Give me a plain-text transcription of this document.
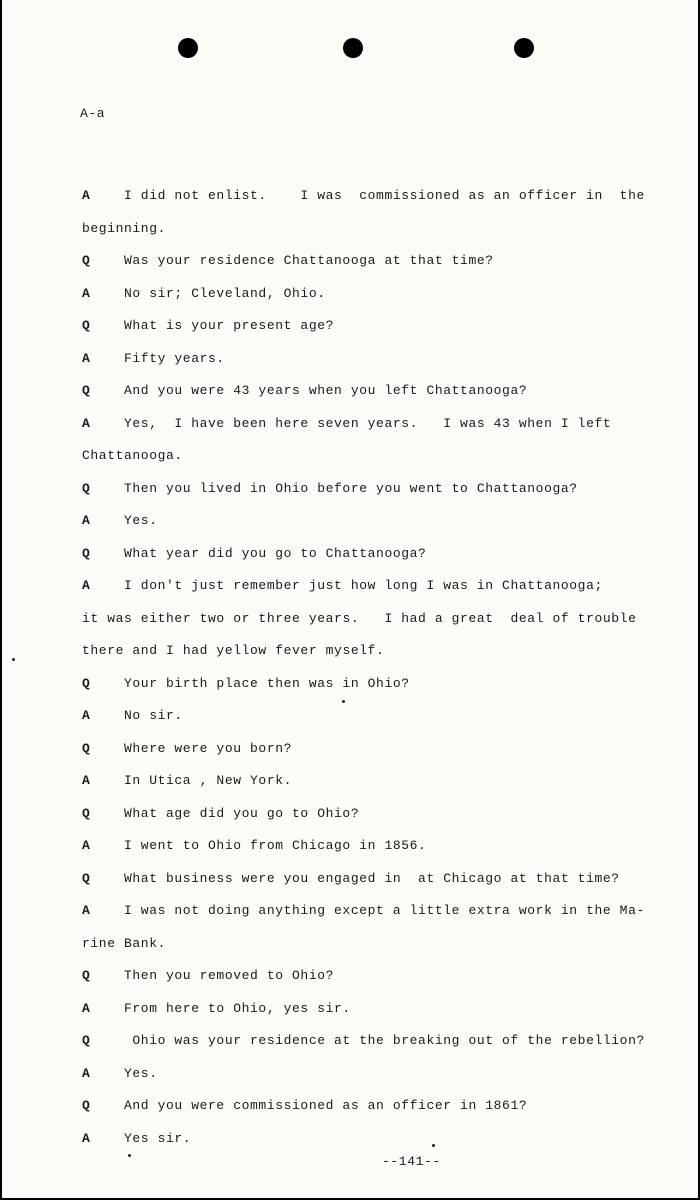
A-a
A	I did not enlist.    I was  commissioned as an officer in  the
beginning.
Q	Was your residence Chattanooga at that time?
A	No sir; Cleveland, Ohio.
Q	What is your present age?
A	Fifty years.
Q	And you were 43 years when you left Chattanooga?
A	Yes,  I have been here seven years.   I was 43 when I left
Chattanooga.
Q	Then you lived in Ohio before you went to Chattanooga?
A	Yes.
Q	What year did you go to Chattanooga?
A	I don't just remember just how long I was in Chattanooga;
it was either two or three years.   I had a great  deal of trouble
there and I had yellow fever myself.
Q	Your birth place then was in Ohio?
A	No sir.
Q	Where were you born?
A	In Utica , New York.
Q	What age did you go to Ohio?
A	I went to Ohio from Chicago in 1856.
Q	What business were you engaged in  at Chicago at that time?
A	I was not doing anything except a little extra work in the Ma-
rine Bank.
Q	Then you removed to Ohio?
A	From here to Ohio, yes sir.
Q	Ohio was your residence at the breaking out of the rebellion?
A	Yes.
Q	And you were commissioned as an officer in 1861?
A	Yes sir.
--141--
